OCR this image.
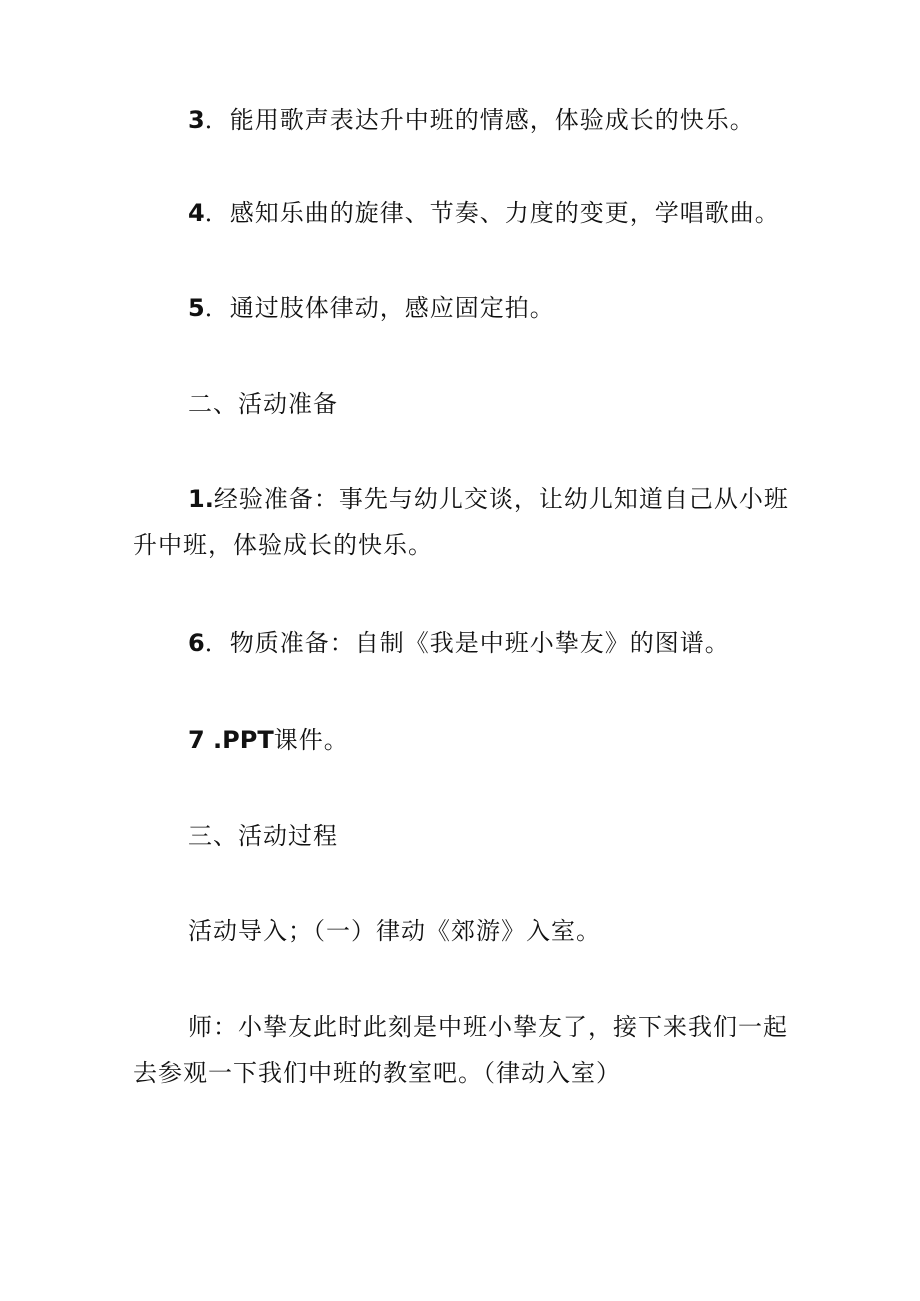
3．能用歌声表达升中班的情感，体验成长的快乐。

4．感知乐曲的旋律、节奏、力度的变更，学唱歌曲。

5．通过肢体律动，感应固定拍。

二、活动准备

1.经验准备：事先与幼儿交谈，让幼儿知道自己从小班
升中班，体验成长的快乐。

6．物质准备：自制《我是中班小挚友》的图谱。

7 .PPT课件。

三、活动过程

活动导入；（一）律动《郊游》入室。

师：小挚友此时此刻是中班小挚友了，接下来我们一起
去参观一下我们中班的教室吧。（律动入室）
